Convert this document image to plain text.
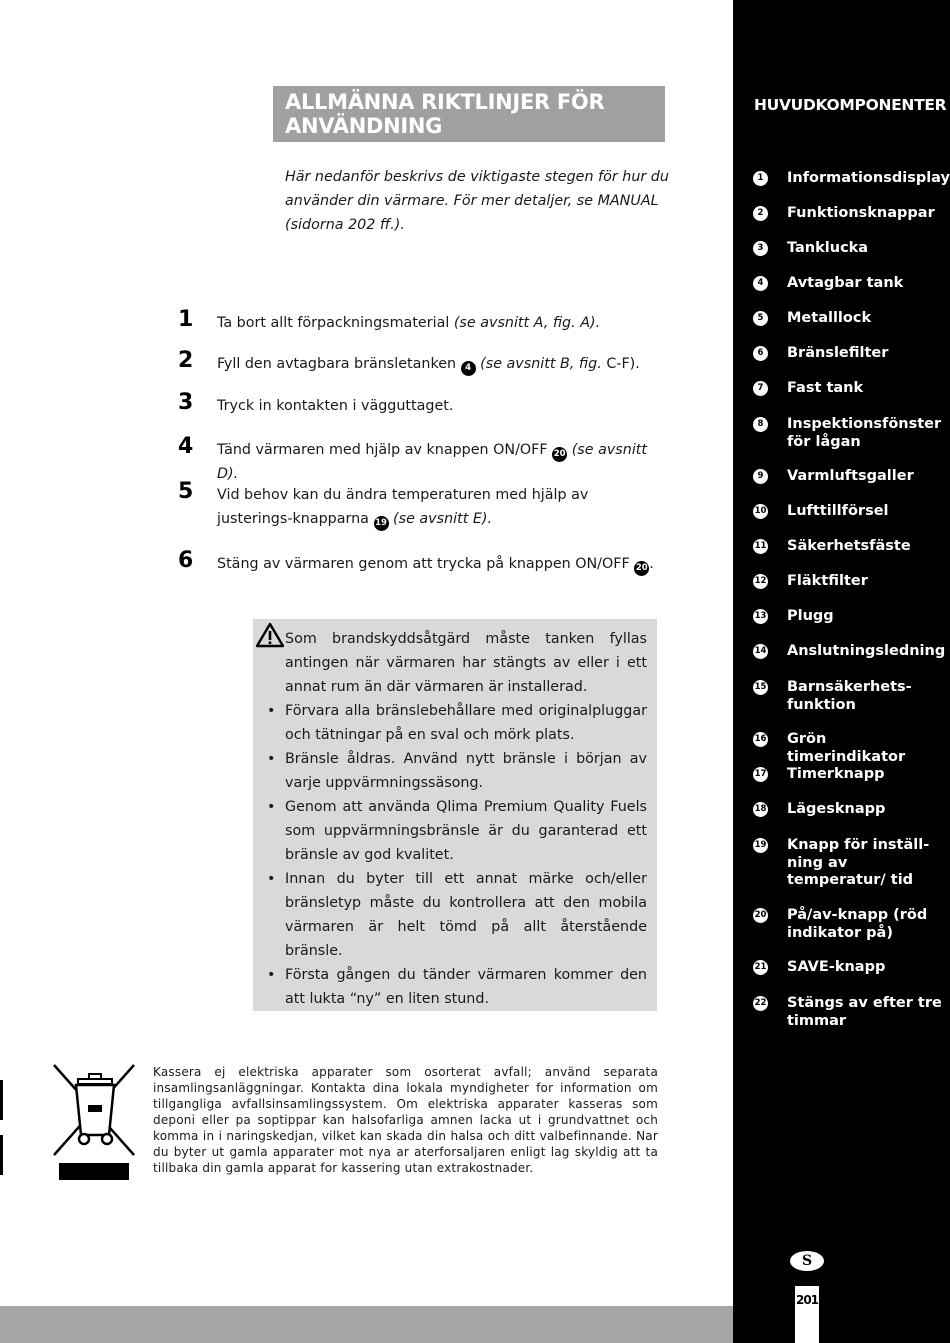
ALLMÄNNA RIKTLINJER FÖR ANVÄNDNING
Här nedanför beskrivs de viktigaste stegen för hur du använder din värmare. För mer detaljer, se MANUAL (sidorna 202 ff.).
1 Ta bort allt förpackningsmaterial (se avsnitt A, fig. A).
2 Fyll den avtagbara bränsletanken 4 (se avsnitt B, fig. C-F).
3 Tryck in kontakten i vägguttaget.
4 Tänd värmaren med hjälp av knappen ON/OFF 20 (se avsnitt D).
5 Vid behov kan du ändra temperaturen med hjälp av justerings-knapparna 19 (se avsnitt E).
6 Stäng av värmaren genom att trycka på knappen ON/OFF 20 .
Som brandskyddsåtgärd måste tanken fyllas antingen när värmaren har stängts av eller i ett annat rum än där värmaren är installerad.
• Förvara alla bränslebehållare med originalpluggar och tätningar på en sval och mörk plats.
• Bränsle åldras. Använd nytt bränsle i början av varje uppvärmningssäsong.
• Genom att använda Qlima Premium Quality Fuels som uppvärmningsbränsle är du garanterad ett bränsle av god kvalitet.
• Innan du byter till ett annat märke och/eller bränsletyp måste du kontrollera att den mobila värmaren är helt tömd på allt återstående bränsle.
• Första gången du tänder värmaren kommer den att lukta “ny” en liten stund.
Kassera ej elektriska apparater som osorterat avfall; använd separata insamlingsanläggningar. Kontakta dina lokala myndigheter for information om tillgangliga avfallsinsamlingssystem. Om elektriska apparater kasseras som deponi eller pa soptippar kan halsofarliga amnen lacka ut i grundvattnet och komma in i naringskedjan, vilket kan skada din halsa och ditt valbefinnande. Nar du byter ut gamla apparater mot nya ar aterforsaljaren enligt lag skyldig att ta tillbaka din gamla apparat for kassering utan extrakostnader.
HUVUDKOMPONENTER
1	Informationsdisplay
2	Funktionsknappar
3	Tanklucka
4	Avtagbar tank
5	Metalllock
6	Bränslefilter
7	Fast tank
8	Inspektionsfönster för lågan
9	Varmluftsgaller
10 Lufttillförsel
11 Säkerhetsfäste
12 Fläktfilter
13 Plugg
14 Anslutningsledning
15 Barnsäkerhets-funktion
16 Grön timerindikator
17 Timerknapp
18 Lägesknapp
19 Knapp för inställ-ning av temperatur/ tid
20 På/av-knapp (röd indikator på)
21 SAVE-knapp
22 Stängs av efter tre timmar
S
201
